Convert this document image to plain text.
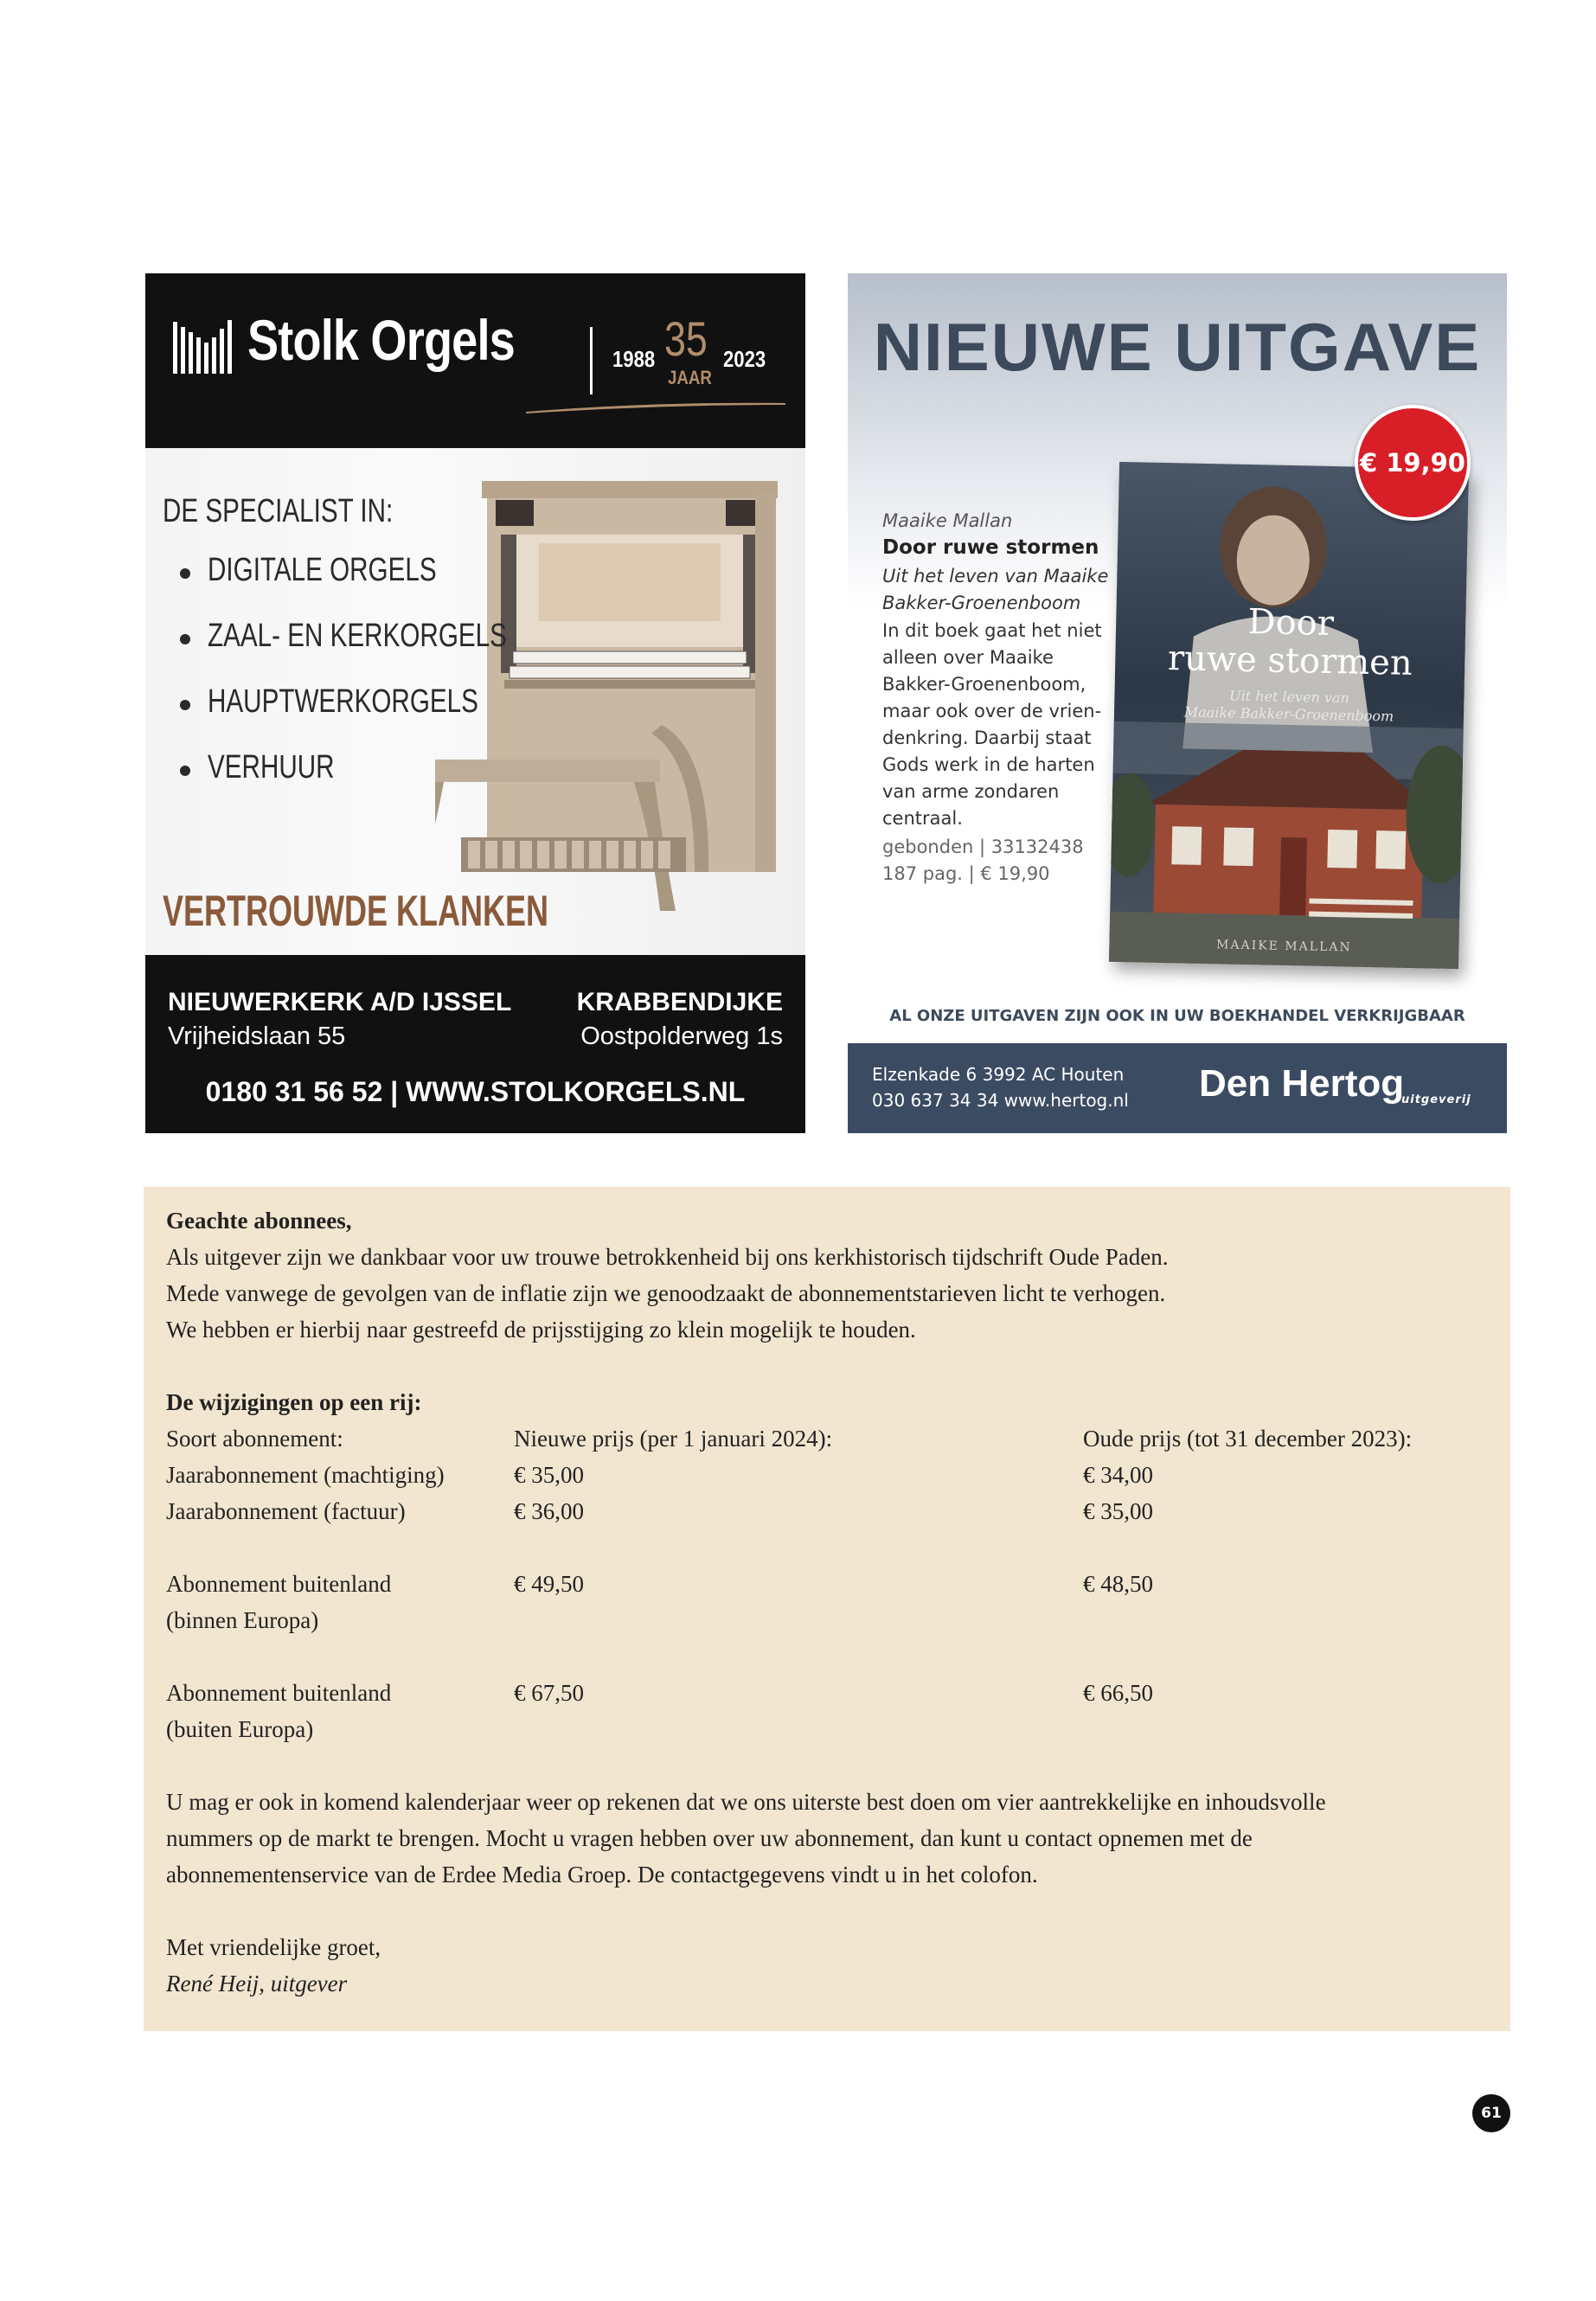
Stolk Orgels	1988 35
JAAR
2023
DE SPECIALIST IN:
DIGITALE ORGELS
ZAAL- EN KERKORGELS
HAUPTWERKORGELS
VERHUUR
VERTROUWDE KLANKEN
NIEUWERKERK A/D IJSSEL
Vrijheidslaan 55
KRABBENDIJKE
Oostpolderweg 1s
0180 31 56 52 | WWW.STOLKORGELS.NL
NIEUWE UITGAVE
Maaike Mallan
Door ruwe stormen
Uit het leven van Maaike Bakker-Groenenboom
In dit boek gaat het niet alleen over Maaike Bakker-Groenenboom, maar ook over de vrien-denkring. Daarbij staat Gods werk in de harten van arme zondaren centraal.
gebonden | 33132438
187 pag. | € 19,90
Door
ruwe stormen
Uit het leven van
Maaike Bakker-Groenenboom
MAAIKE MALLAN
€ 19,90
AL ONZE UITGAVEN ZIJN OOK IN UW BOEKHANDEL VERKRIJGBAAR
Elzenkade 6 3992 AC Houten
030 637 34 34 www.hertog.nl Den Hertog
uitgeverij
Geachte abonnees,
Als uitgever zijn we dankbaar voor uw trouwe betrokkenheid bij ons kerkhistorisch tijdschrift Oude Paden.
Mede vanwege de gevolgen van de inflatie zijn we genoodzaakt de abonnementstarieven licht te verhogen.
We hebben er hierbij naar gestreefd de prijsstijging zo klein mogelijk te houden.
De wijzigingen op een rij:
Soort abonnement:	Nieuwe prijs (per 1 januari 2024):	Oude prijs (tot 31 december 2023):
Jaarabonnement (machtiging)	€ 35,00	€ 34,00
Jaarabonnement (factuur)	€ 36,00	€ 35,00
Abonnement buitenland
(binnen Europa)
€ 49,50	€ 48,50
Abonnement buitenland
(buiten Europa)
€ 67,50	€ 66,50
U mag er ook in komend kalenderjaar weer op rekenen dat we ons uiterste best doen om vier aantrekkelijke en inhoudsvolle
nummers op de markt te brengen. Mocht u vragen hebben over uw abonnement, dan kunt u contact opnemen met de
abonnementenservice van de Erdee Media Groep. De contactgegevens vindt u in het colofon.
Met vriendelijke groet,
René Heij, uitgever
61
